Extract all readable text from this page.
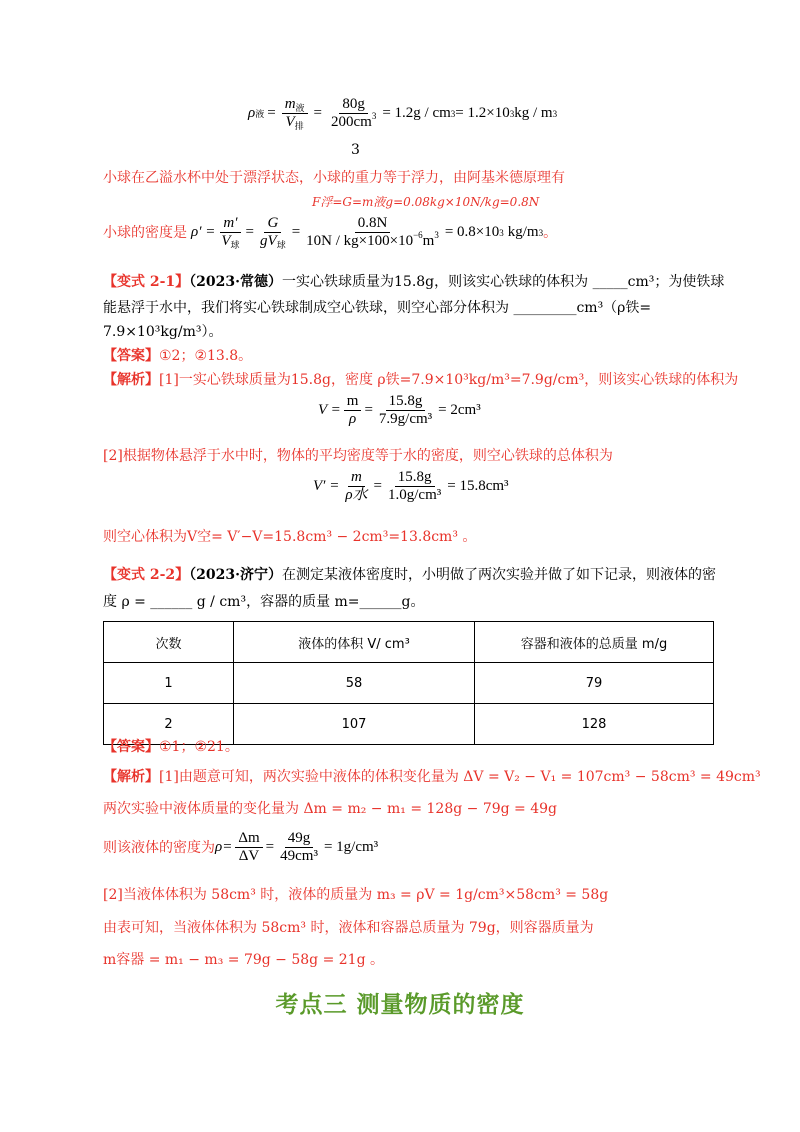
ρ 液 = $\frac{m_液}{V_排} = \frac{80g}{200cm^3} = 1.2g$ / cm 3 = 1.2×10 3 kg / m 3
3
小球在乙溢水杯中处于漂浮状态，小球的重力等于浮力，由阿基米德原理有
F浮=G=m液g=0.08kg×10N/kg=0.8N
小球的密度是 $\rho' = \frac{m'}{V_球} = \frac{G}{gV_球} = \frac{0.8N}{10N / kg\times 100\times 10^{-6}m^3} = 0.8\times 10$ 3 kg/m 3 。
【变式 2-1】（2023·常德）一实心铁球质量为15.8g，则该实心铁球的体积为 _____cm³；为使铁球
能悬浮于水中，我们将实心铁球制成空心铁球，则空心部分体积为 _________cm³（ρ铁=
7.9×10³kg/m³）。
【答案】①2；②13.8。
【解析】[1]一实心铁球质量为15.8g，密度 ρ铁=7.9×10³kg/m³=7.9g/cm³，则该实心铁球的体积为
$V = \frac{m}{\rho} = \frac{15.8g}{\text{7.9g/cm³}} = 2cm^3$
[2]根据物体悬浮于水中时，物体的平均密度等于水的密度，则空心铁球的总体积为
$V' = \frac{m}{\text{ρ水}} = \frac{15.8g}{\text{1.0g/cm³}} = 15.8cm^3$
则空心体积为V空= V′−V=15.8cm³ − 2cm³=13.8cm³ 。
【变式 2-2】（2023·济宁）在测定某液体密度时，小明做了两次实验并做了如下记录，则液体的密
度 ρ = ______ g / cm³，容器的质量 m=______g。
次数	液体的体积 V/ cm³	容器和液体的总质量 m/g
1	58	79
2	107	128
【答案】①1；②21。
【解析】[1]由题意可知，两次实验中液体的体积变化量为 ΔV = V₂ − V₁ = 107cm³ − 58cm³ = 49cm³
两次实验中液体质量的变化量为 Δm = m₂ − m₁ = 128g − 79g = 49g
则该液体的密度为 $\rho= \frac{\Delta m}{\Delta V} = \frac{49g}{\text{49cm³}} = 1g/cm^3$
[2]当液体体积为 58cm³ 时，液体的质量为 m₃ = ρV = 1g/cm³×58cm³ = 58g
由表可知，当液体体积为 58cm³ 时，液体和容器总质量为 79g，则容器质量为
m容器 = m₁ − m₃ = 79g − 58g = 21g 。
考点三 测量物质的密度
